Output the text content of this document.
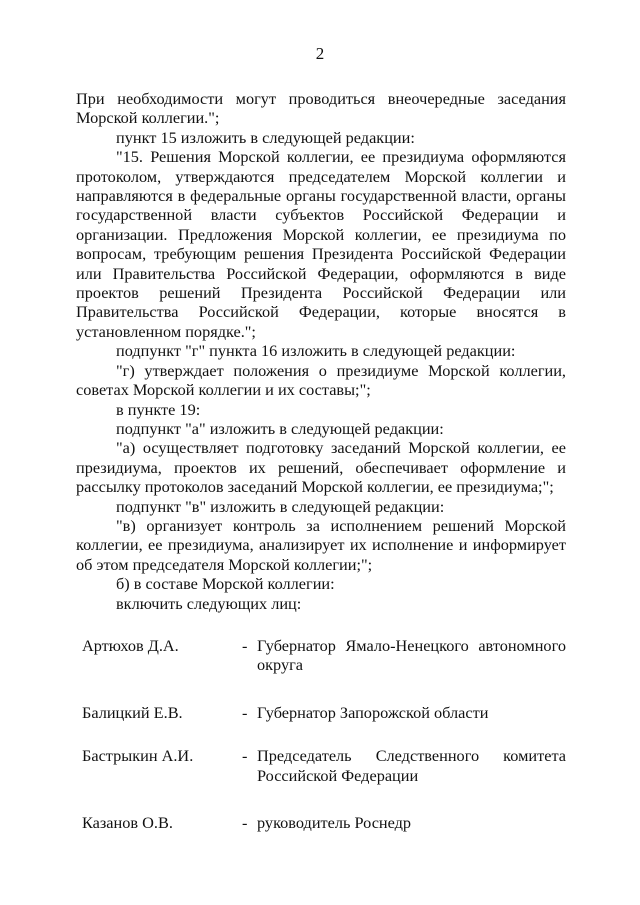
2

При необходимости могут проводиться внеочередные заседания Морской коллегии.";

пункт 15 изложить в следующей редакции:

"15. Решения Морской коллегии, ее президиума оформляются протоколом, утверждаются председателем Морской коллегии и направляются в федеральные органы государственной власти, органы государственной власти субъектов Российской Федерации и организации. Предложения Морской коллегии, ее президиума по вопросам, требующим решения Президента Российской Федерации или Правительства Российской Федерации, оформляются в виде проектов решений Президента Российской Федерации или Правительства Российской Федерации, которые вносятся в установленном порядке.";

подпункт "г" пункта 16 изложить в следующей редакции:

"г) утверждает положения о президиуме Морской коллегии, советах Морской коллегии и их составы;";

в пункте 19:

подпункт "а" изложить в следующей редакции:

"а) осуществляет подготовку заседаний Морской коллегии, ее президиума, проектов их решений, обеспечивает оформление и рассылку протоколов заседаний Морской коллегии, ее президиума;";

подпункт "в" изложить в следующей редакции:

"в) организует контроль за исполнением решений Морской коллегии, ее президиума, анализирует их исполнение и информирует об этом председателя Морской коллегии;";

б) в составе Морской коллегии:

включить следующих лиц:

Артюхов Д.А.	- Губернатор Ямало-Ненецкого автономного округа
Балицкий Е.В.	- Губернатор Запорожской области
Бастрыкин А.И.	- Председатель Следственного комитета Российской Федерации
Казанов О.В.	- руководитель Роснедр
